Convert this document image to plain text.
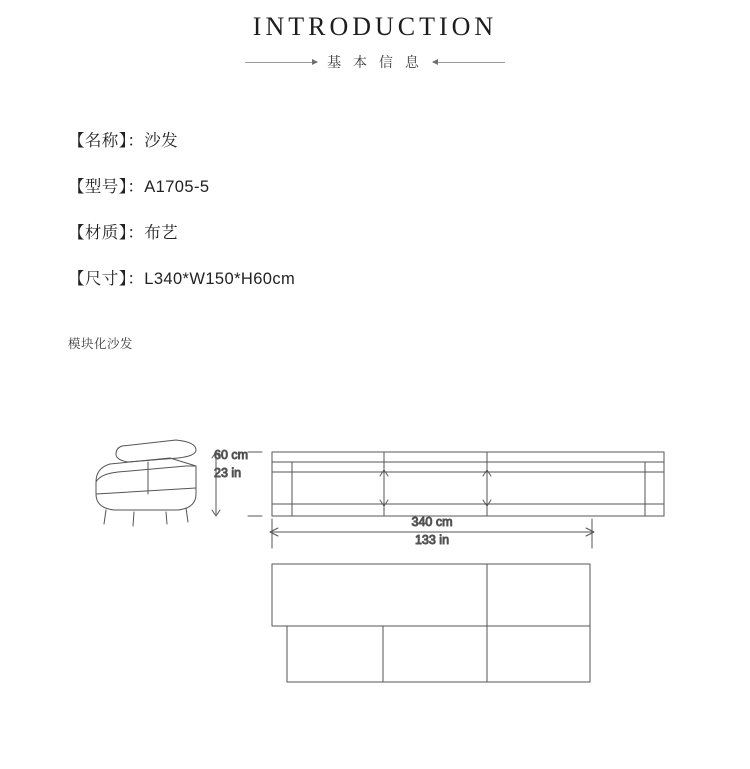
INTRODUCTION
基 本 信 息
【名称】：沙发
【型号】：A1705-5
【材质】：布艺
【尺寸】：L340*W150*H60cm
模块化沙发
60 cm
23 in
340 cm
133 in
